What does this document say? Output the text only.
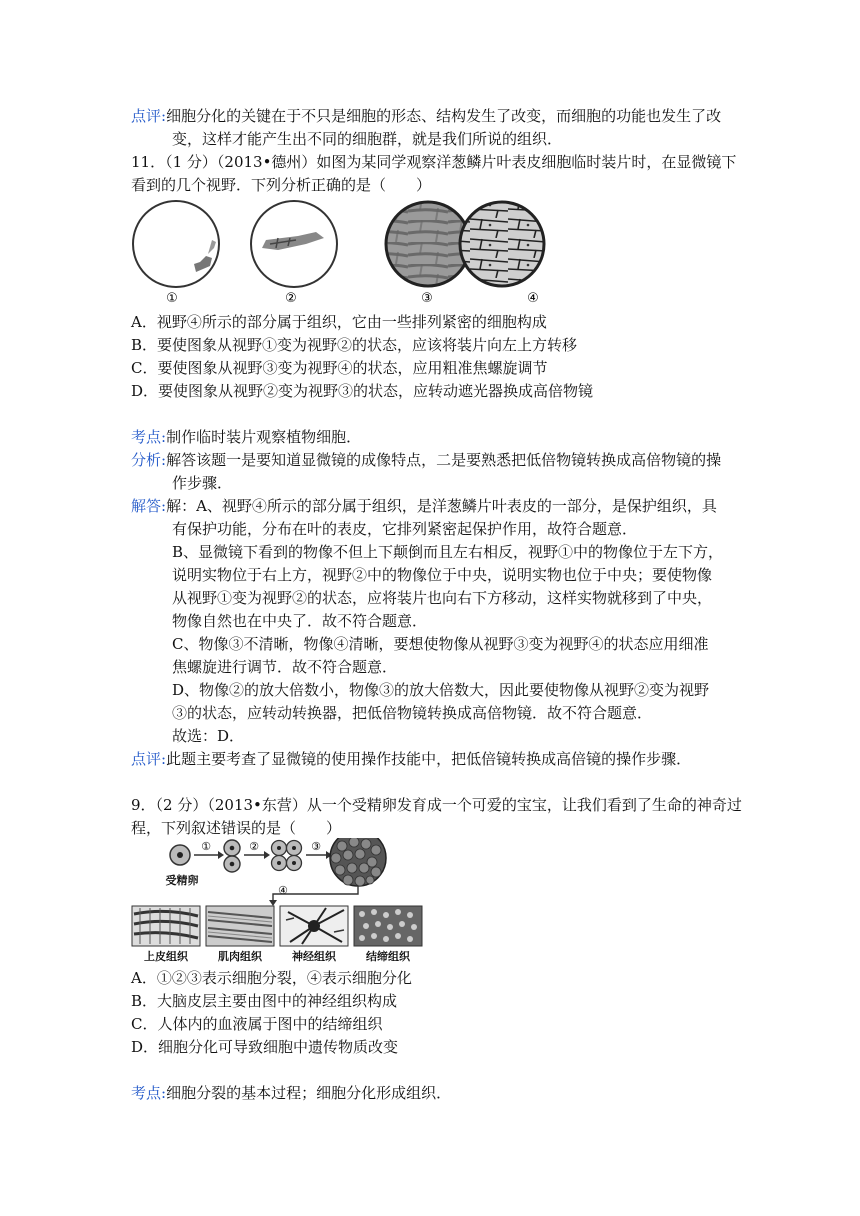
点评:细胞分化的关键在于不只是细胞的形态、结构发生了改变，而细胞的功能也发生了改
变，这样才能产生出不同的细胞群，就是我们所说的组织．
11．（1 分）（2013•德州）如图为某同学观察洋葱鳞片叶表皮细胞临时装片时，在显微镜下
看到的几个视野．下列分析正确的是（　　）
①	②	③	④
A．视野④所示的部分属于组织，它由一些排列紧密的细胞构成
B．要使图象从视野①变为视野②的状态，应该将装片向左上方转移
C．要使图象从视野③变为视野④的状态，应用粗准焦螺旋调节
D．要使图象从视野②变为视野③的状态，应转动遮光器换成高倍物镜
考点:制作临时装片观察植物细胞．
分析:解答该题一是要知道显微镜的成像特点，二是要熟悉把低倍物镜转换成高倍物镜的操
作步骤．
解答:解：A、视野④所示的部分属于组织，是洋葱鳞片叶表皮的一部分，是保护组织，具
有保护功能，分布在叶的表皮，它排列紧密起保护作用，故符合题意．
B、显微镜下看到的物像不但上下颠倒而且左右相反，视野①中的物像位于左下方，
说明实物位于右上方，视野②中的物像位于中央，说明实物也位于中央；要使物像
从视野①变为视野②的状态，应将装片也向右下方移动，这样实物就移到了中央，
物像自然也在中央了．故不符合题意．
C、物像③不清晰，物像④清晰，要想使物像从视野③变为视野④的状态应用细准
焦螺旋进行调节．故不符合题意．
D、物像②的放大倍数小，物像③的放大倍数大，因此要使物像从视野②变为视野
③的状态，应转动转换器，把低倍物镜转换成高倍物镜．故不符合题意．
故选：D．
点评:此题主要考查了显微镜的使用操作技能中，把低倍镜转换成高倍镜的操作步骤．
9．（2 分）（2013•东营）从一个受精卵发育成一个可爱的宝宝，让我们看到了生命的神奇过
程，下列叙述错误的是（　　）
①	②	③
受精卵
④
上皮组织	肌肉组织	神经组织	结缔组织
A．①②③表示细胞分裂，④表示细胞分化
B．大脑皮层主要由图中的神经组织构成
C．人体内的血液属于图中的结缔组织
D．细胞分化可导致细胞中遗传物质改变
考点:细胞分裂的基本过程；细胞分化形成组织．
